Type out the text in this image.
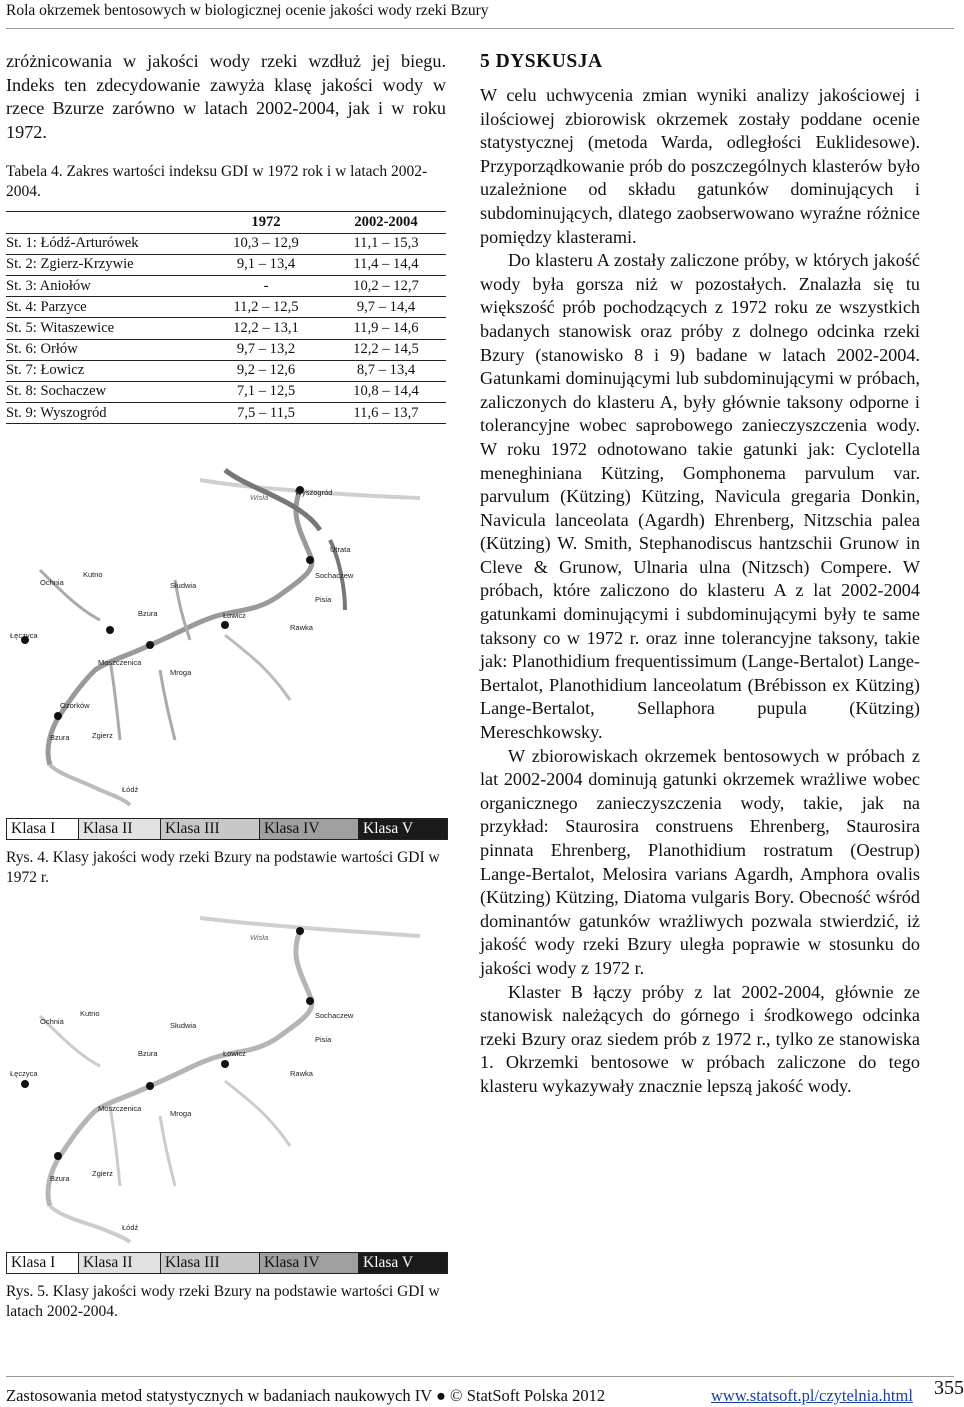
Rola okrzemek bentosowych w biologicznej ocenie jakości wody rzeki Bzury

zróżnicowania w jakości wody rzeki wzdłuż jej biegu. Indeks ten zdecydowanie zawyża klasę jakości wody w rzece Bzurze zarówno w latach 2002-2004, jak i w roku 1972.

Tabela 4. Zakres wartości indeksu GDI w 1972 rok i w latach 2002-2004.

	1972	2002-2004
St. 1: Łódź-Arturówek	10,3 – 12,9	11,1 – 15,3
St. 2: Zgierz-Krzywie	9,1 – 13,4	11,4 – 14,4
St. 3: Aniołów	-	10,2 – 12,7
St. 4: Parzyce	11,2 – 12,5	9,7 – 14,4
St. 5: Witaszewice	12,2 – 13,1	11,9 – 14,6
St. 6: Orłów	9,7 – 13,2	12,2 – 14,5
St. 7: Łowicz	9,2 – 12,6	8,7 – 13,4
St. 8: Sochaczew	7,1 – 12,5	10,8 – 14,4
St. 9: Wyszogród	7,5 – 11,5	11,6 – 13,7
Wisła
Wyszogród
Utrata
Sochaczew
Pisia
Ochnia
Kutno
Słudwia
Bzura	Łowicz
Łęczyca
Rawka
Moszczenica
Mroga
Ozorków
Bzura	Zgierz
Łódź
Klasa I	Klasa II	Klasa III	Klasa IV	Klasa V

Rys. 4. Klasy jakości wody rzeki Bzury na podstawie wartości GDI w 1972 r.

Wisła
Sochaczew
Pisia
Ochnia
Kutno
Słudwia
Bzura	Łowicz
Łęczyca	Rawka
Moszczenica
Mroga
Bzura
Zgierz
Łódź
Klasa I	Klasa II	Klasa III	Klasa IV	Klasa V

Rys. 5. Klasy jakości wody rzeki Bzury na podstawie wartości GDI w latach 2002-2004.

5 DYSKUSJA

W celu uchwycenia zmian wyniki analizy jakościowej i ilościowej zbiorowisk okrzemek zostały poddane ocenie statystycznej (metoda Warda, odległości Euklidesowe). Przyporządkowanie prób do poszczególnych klasterów było uzależnione od składu gatunków dominujących i subdominujących, dlatego zaobserwowano wyraźne różnice pomiędzy klasterami.

Do klasteru A zostały zaliczone próby, w których jakość wody była gorsza niż w pozostałych. Znalazła się tu większość prób pochodzących z 1972 roku ze wszystkich badanych stanowisk oraz próby z dolnego odcinka rzeki Bzury (stanowisko 8 i 9) badane w latach 2002-2004. Gatunkami dominującymi lub subdominującymi w próbach, zaliczonych do klasteru A, były głównie taksony odporne i tolerancyjne wobec saprobowego zanieczyszczenia wody. W roku 1972 odnotowano takie gatunki jak: Cyclotella meneghiniana Kützing, Gomphonema parvulum var. parvulum (Kützing) Kützing, Navicula gregaria Donkin, Navicula lanceolata (Agardh) Ehrenberg, Nitzschia palea (Kützing) W. Smith, Stephanodiscus hantzschii Grunow in Cleve & Grunow, Ulnaria ulna (Nitzsch) Compere. W próbach, które zaliczono do klasteru A z lat 2002-2004 gatunkami dominującymi i subdominującymi były te same taksony co w 1972 r. oraz inne tolerancyjne taksony, takie jak: Planothidium frequentissimum (Lange-Bertalot) Lange-Bertalot, Planothidium lanceolatum (Brébisson ex Kützing) Lange-Bertalot, Sellaphora pupula (Kützing) Mereschkowsky.

W zbiorowiskach okrzemek bentosowych w próbach z lat 2002-2004 dominują gatunki okrzemek wrażliwe wobec organicznego zanieczyszczenia wody, takie, jak na przykład: Staurosira construens Ehrenberg, Staurosira pinnata Ehrenberg, Planothidium rostratum (Oestrup) Lange-Bertalot, Melosira varians Agardh, Amphora ovalis (Kützing) Kützing, Diatoma vulgaris Bory. Obecność wśród dominantów gatunków wrażliwych pozwala stwierdzić, iż jakość wody rzeki Bzury uległa poprawie w stosunku do jakości wody z 1972 r.

Klaster B łączy próby z lat 2002-2004, głównie ze stanowisk należących do górnego i środkowego odcinka rzeki Bzury oraz siedem prób z 1972 r., tylko ze stanowiska 1. Okrzemki bentosowe w próbach zaliczone do tego klasteru wykazywały znacznie lepszą jakość wody.

Zastosowania metod statystycznych w badaniach naukowych IV ● © StatSoft Polska 2012	www.statsoft.pl/czytelnia.html 355
